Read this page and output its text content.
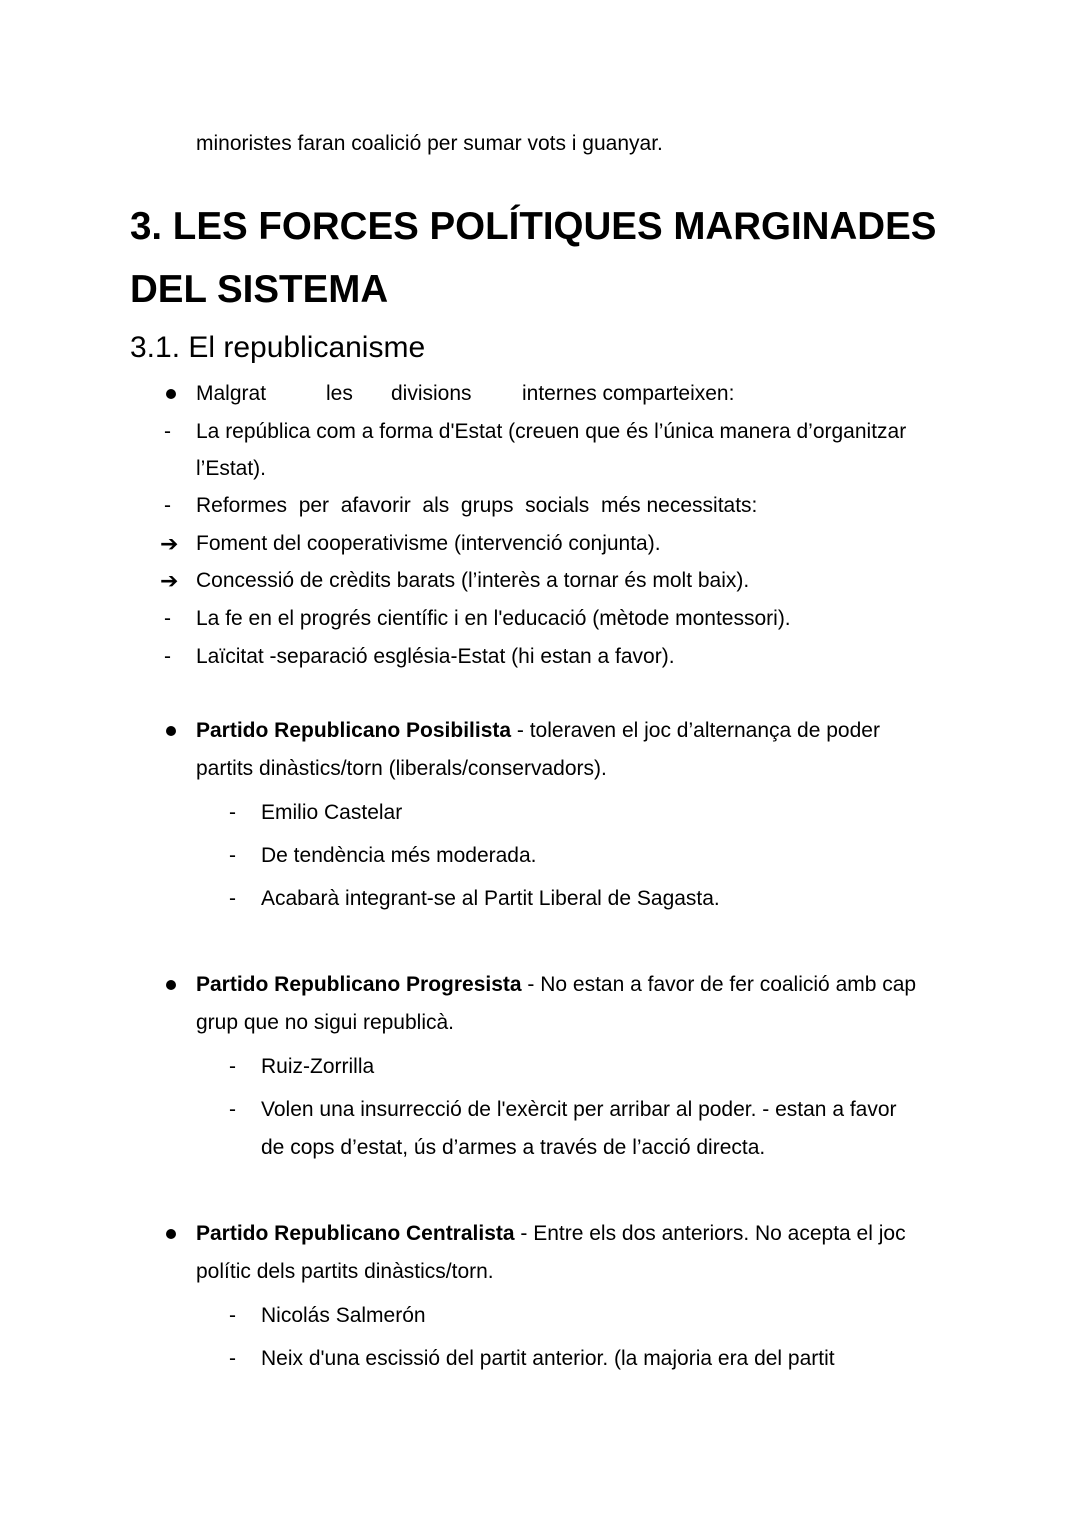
minoristes faran coalició per sumar vots i guanyar.

3. LES FORCES POLÍTIQUES MARGINADES
DEL SISTEMA
3.1. El republicanisme

Malgrat	les divisions internes comparteixen:

- La república com a forma d'Estat (creuen que és l’única manera d’organitzar

l’Estat).

- Reformes  per  afavorir  als  grups  socials  més necessitats:

➔ Foment del cooperativisme (intervenció conjunta).

➔ Concessió de crèdits barats (l’interès a tornar és molt baix).

- La fe en el progrés científic i en l'educació (mètode montessori).

- Laïcitat -separació església-Estat (hi estan a favor).

Partido Republicano Posibilista - toleraven el joc d’alternança de poder

partits dinàstics/torn (liberals/conservadors).

- Emilio Castelar

- De tendència més moderada.

- Acabarà integrant-se al Partit Liberal de Sagasta.

Partido Republicano Progresista - No estan a favor de fer coalició amb cap

grup que no sigui republicà.

- Ruiz-Zorrilla

- Volen una insurrecció de l'exèrcit per arribar al poder. - estan a favor

de cops d’estat, ús d’armes a través de l’acció directa.

Partido Republicano Centralista - Entre els dos anteriors. No acepta el joc

polític dels partits dinàstics/torn.

- Nicolás Salmerón

- Neix d'una escissió del partit anterior. (la majoria era del partit
